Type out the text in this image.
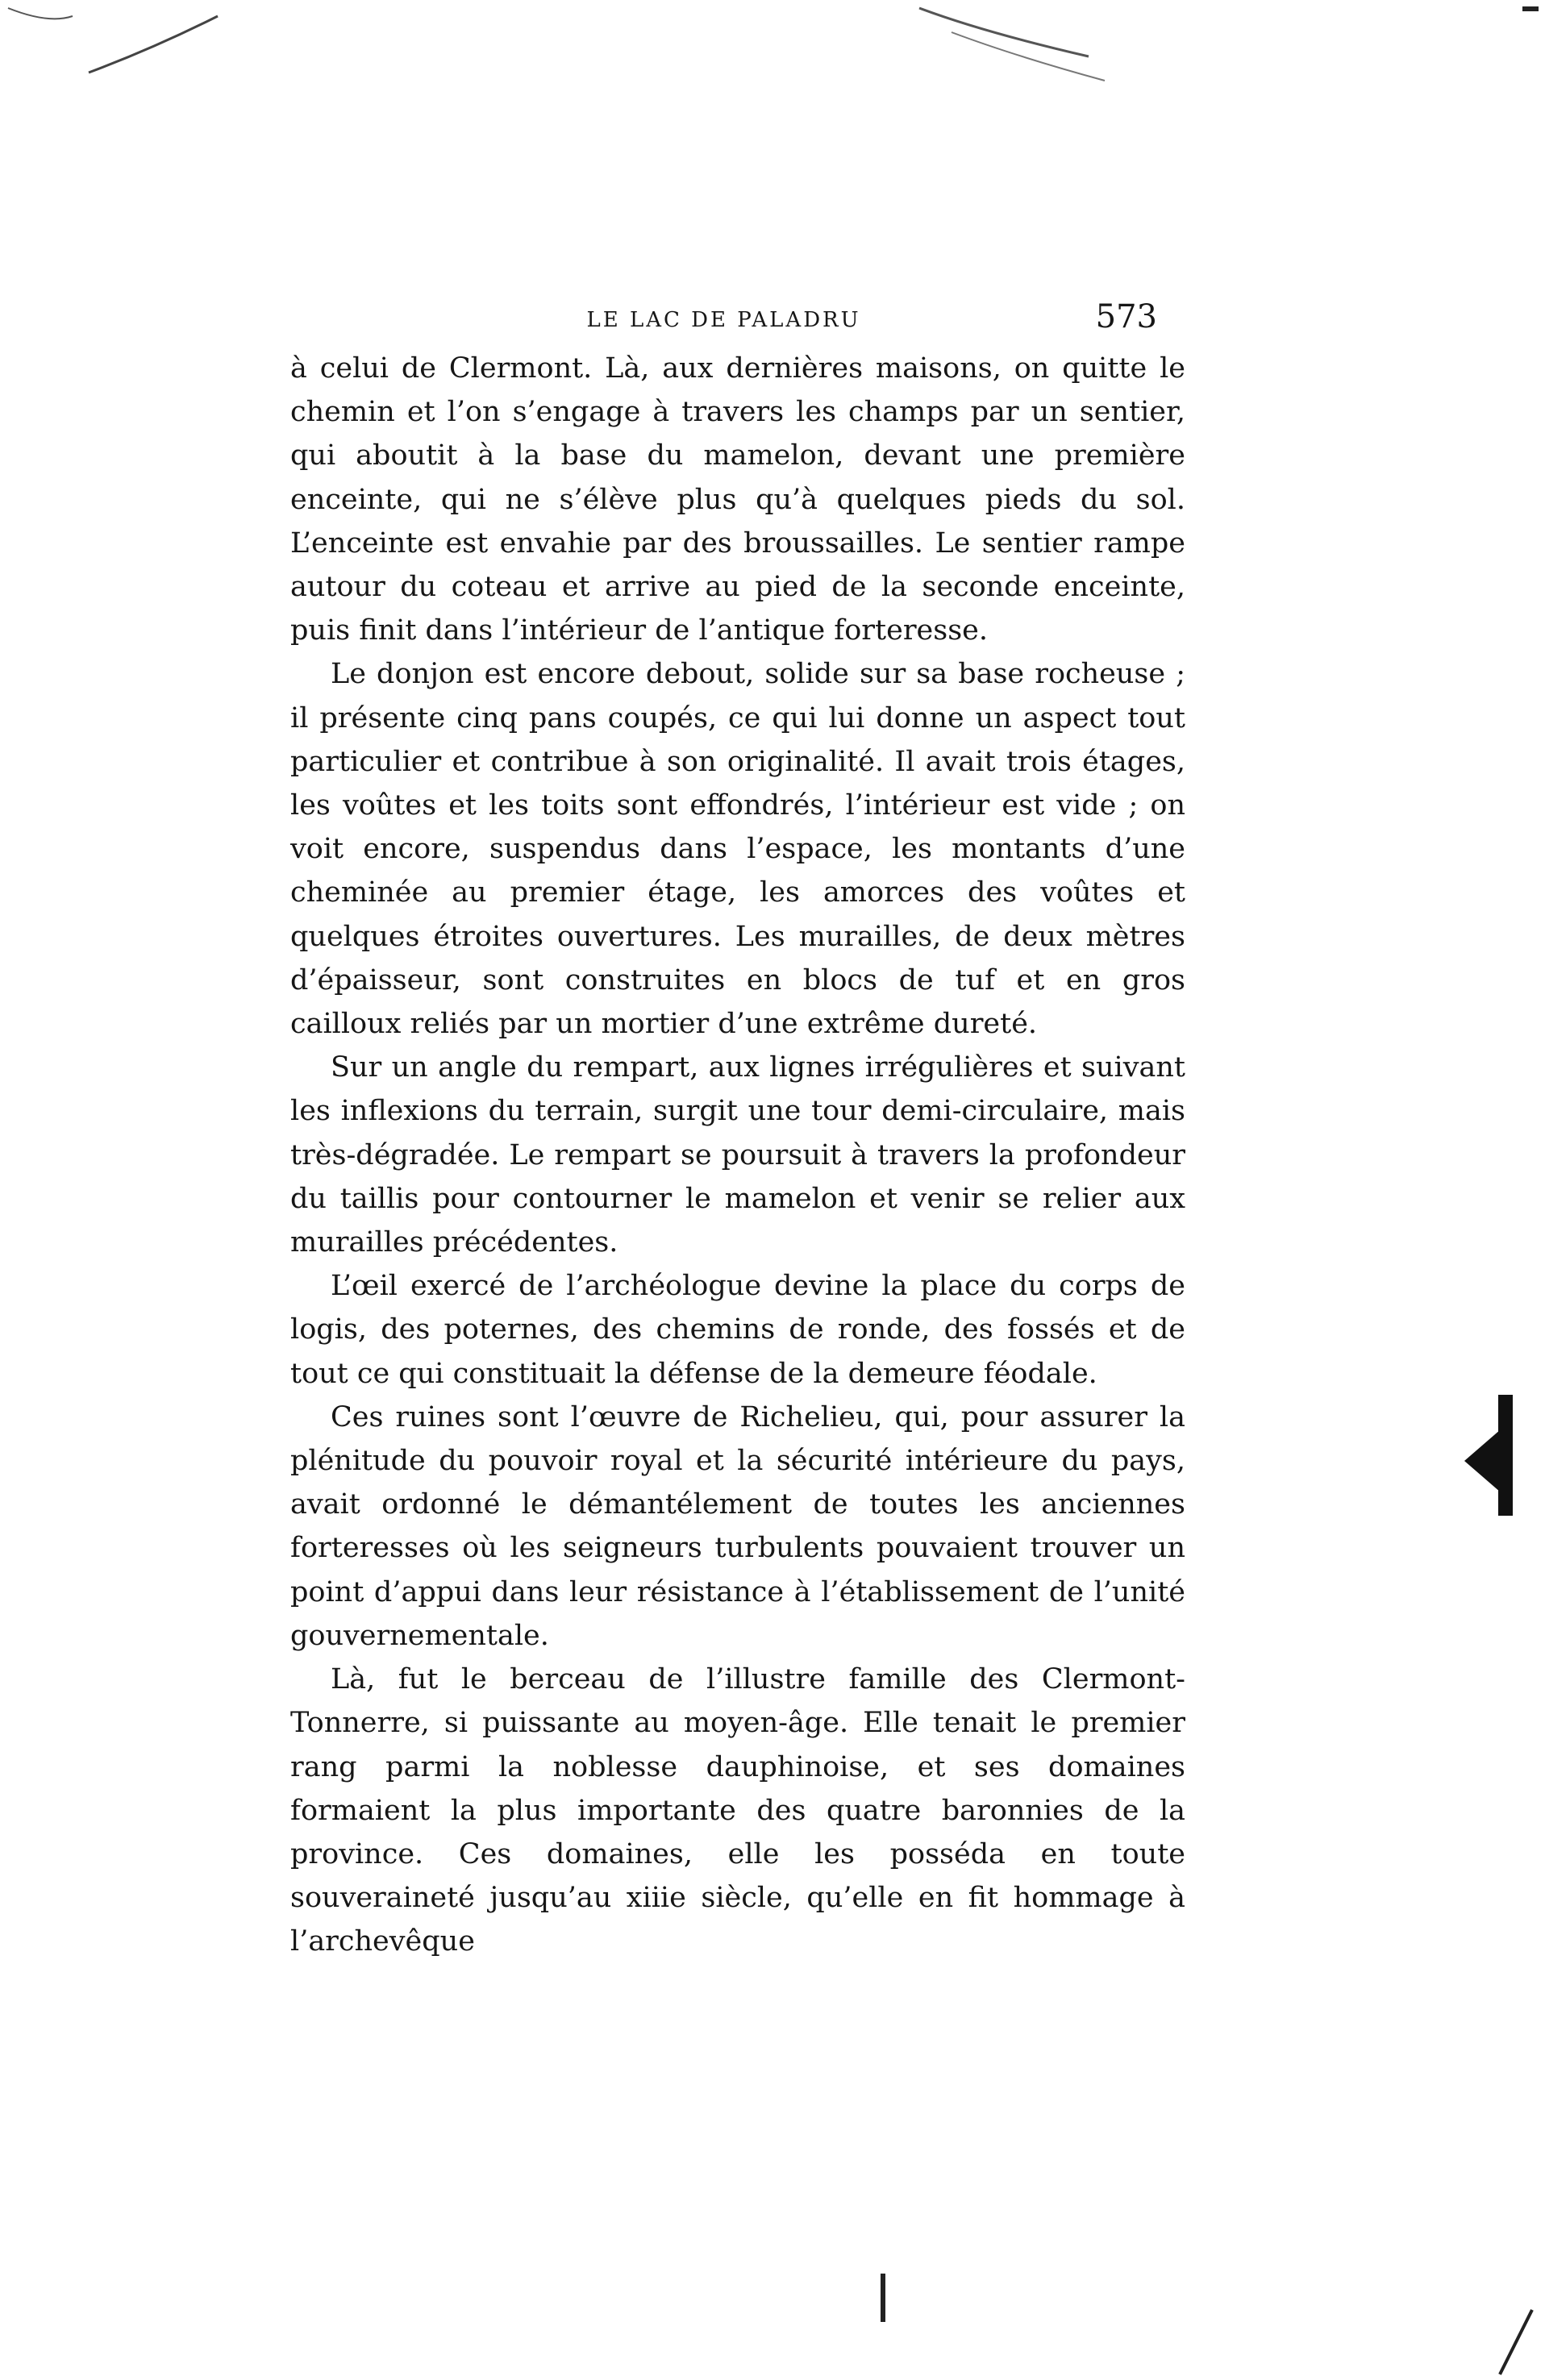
LE LAC DE PALADRU	573

à celui de Clermont. Là, aux dernières maisons, on quitte le chemin et l’on s’engage à travers les champs par un sentier, qui aboutit à la base du mamelon, devant une première enceinte, qui ne s’élève plus qu’à quelques pieds du sol. L’enceinte est envahie par des broussailles. Le sentier rampe autour du coteau et arrive au pied de la seconde enceinte, puis finit dans l’intérieur de l’antique forteresse.

Le donjon est encore debout, solide sur sa base rocheuse ; il présente cinq pans coupés, ce qui lui donne un aspect tout particulier et contribue à son originalité. Il avait trois étages, les voûtes et les toits sont effondrés, l’intérieur est vide ; on voit encore, suspendus dans l’espace, les montants d’une cheminée au premier étage, les amorces des voûtes et quelques étroites ouvertures. Les murailles, de deux mètres d’épaisseur, sont construites en blocs de tuf et en gros cailloux reliés par un mortier d’une extrême dureté.

Sur un angle du rempart, aux lignes irrégulières et suivant les inflexions du terrain, surgit une tour demi-circulaire, mais très-dégradée. Le rempart se poursuit à travers la profondeur du taillis pour contourner le mamelon et venir se relier aux murailles précédentes.

L’œil exercé de l’archéologue devine la place du corps de logis, des poternes, des chemins de ronde, des fossés et de tout ce qui constituait la défense de la demeure féodale.

Ces ruines sont l’œuvre de Richelieu, qui, pour assurer la plénitude du pouvoir royal et la sécurité intérieure du pays, avait ordonné le démantélement de toutes les anciennes forteresses où les seigneurs turbulents pouvaient trouver un point d’appui dans leur résistance à l’établissement de l’unité gouvernementale.

Là, fut le berceau de l’illustre famille des Clermont-Tonnerre, si puissante au moyen-âge. Elle tenait le premier rang parmi la noblesse dauphinoise, et ses domaines formaient la plus importante des quatre baronnies de la province. Ces domaines, elle les posséda en toute souveraineté jusqu’au xiiie siècle, qu’elle en fit hommage à l’archevêque
